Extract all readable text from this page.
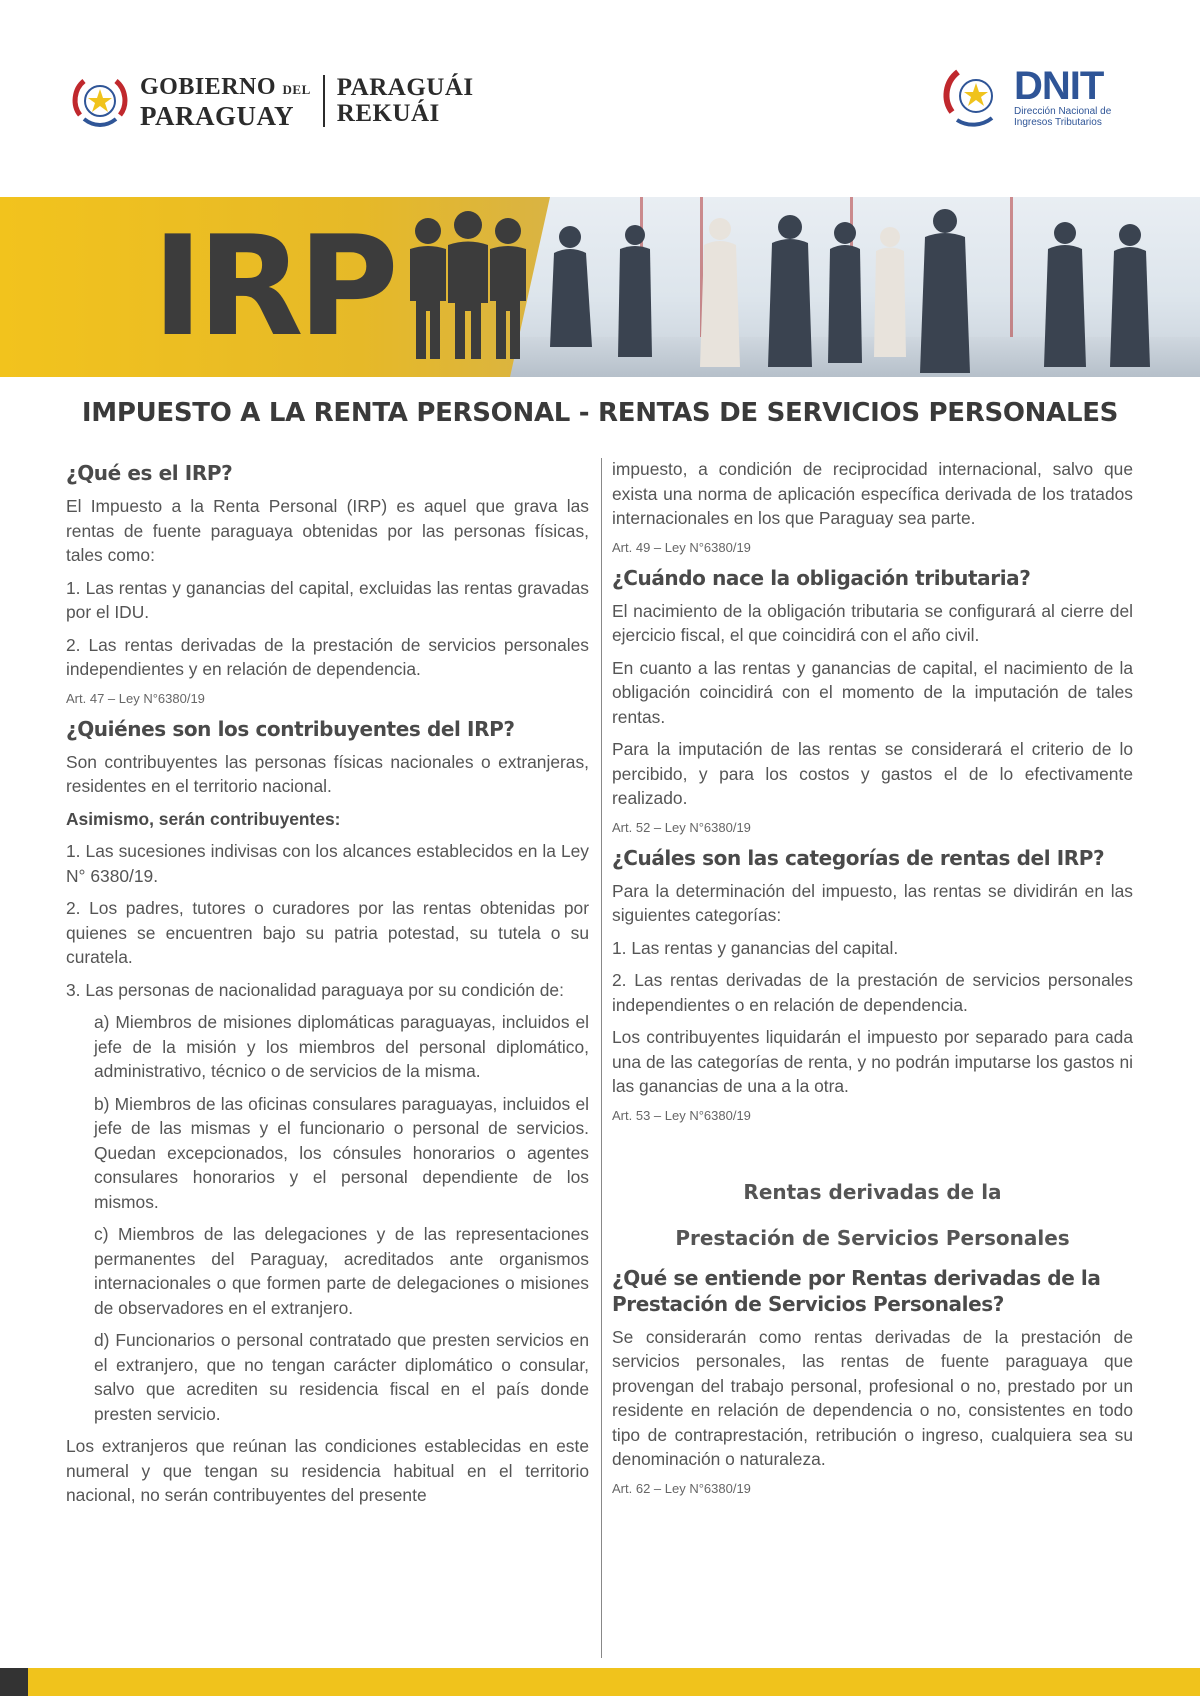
GOBIERNO DEL
PARAGUAY
PARAGUÁI
REKUÁI
DNIT
Dirección Nacional de
Ingresos Tributarios
IRP
IMPUESTO A LA RENTA PERSONAL - RENTAS DE SERVICIOS PERSONALES
¿Qué es el IRP?

El Impuesto a la Renta Personal (IRP) es aquel que grava las rentas de fuente paraguaya obtenidas por las personas físicas, tales como:

1. Las rentas y ganancias del capital, excluidas las rentas gravadas por el IDU.

2. Las rentas derivadas de la prestación de servicios personales independientes y en relación de dependencia.

Art. 47 – Ley N°6380/19

¿Quiénes son los contribuyentes del IRP?

Son contribuyentes las personas físicas nacionales o extranjeras, residentes en el territorio nacional.

Asimismo, serán contribuyentes:

1. Las sucesiones indivisas con los alcances establecidos en la Ley N° 6380/19.

2. Los padres, tutores o curadores por las rentas obtenidas por quienes se encuentren bajo su patria potestad, su tutela o su curatela.

3. Las personas de nacionalidad paraguaya por su condición de:

a) Miembros de misiones diplomáticas paraguayas, incluidos el jefe de la misión y los miembros del personal diplomático, administrativo, técnico o de servicios de la misma.

b) Miembros de las oficinas consulares paraguayas, incluidos el jefe de las mismas y el funcionario o personal de servicios. Quedan excepcionados, los cónsules honorarios o agentes consulares honorarios y el personal dependiente de los mismos.

c) Miembros de las delegaciones y de las representaciones permanentes del Paraguay, acreditados ante organismos internacionales o que formen parte de delegaciones o misiones de observadores en el extranjero.

d) Funcionarios o personal contratado que presten servicios en el extranjero, que no tengan carácter diplomático o consular, salvo que acrediten su residencia fiscal en el país donde presten servicio.

Los extranjeros que reúnan las condiciones establecidas en este numeral y que tengan su residencia habitual en el territorio nacional, no serán contribuyentes del presente

impuesto, a condición de reciprocidad internacional, salvo que exista una norma de aplicación específica derivada de los tratados internacionales en los que Paraguay sea parte.

Art. 49 – Ley N°6380/19

¿Cuándo nace la obligación tributaria?

El nacimiento de la obligación tributaria se configurará al cierre del ejercicio fiscal, el que coincidirá con el año civil.

En cuanto a las rentas y ganancias de capital, el nacimiento de la obligación coincidirá con el momento de la imputación de tales rentas.

Para la imputación de las rentas se considerará el criterio de lo percibido, y para los costos y gastos el de lo efectivamente realizado.

Art. 52 – Ley N°6380/19

¿Cuáles son las categorías de rentas del IRP?

Para la determinación del impuesto, las rentas se dividirán en las siguientes categorías:

1. Las rentas y ganancias del capital.

2. Las rentas derivadas de la prestación de servicios personales independientes o en relación de dependencia.

Los contribuyentes liquidarán el impuesto por separado para cada una de las categorías de renta, y no podrán imputarse los gastos ni las ganancias de una a la otra.

Art. 53 – Ley N°6380/19

Rentas derivadas de la

Prestación de Servicios Personales

¿Qué se entiende por Rentas derivadas de la Prestación de Servicios Personales?

Se considerarán como rentas derivadas de la prestación de servicios personales, las rentas de fuente paraguaya que provengan del trabajo personal, profesional o no, prestado por un residente en relación de dependencia o no, consistentes en todo tipo de contraprestación, retribución o ingreso, cualquiera sea su denominación o naturaleza.

Art. 62 – Ley N°6380/19
